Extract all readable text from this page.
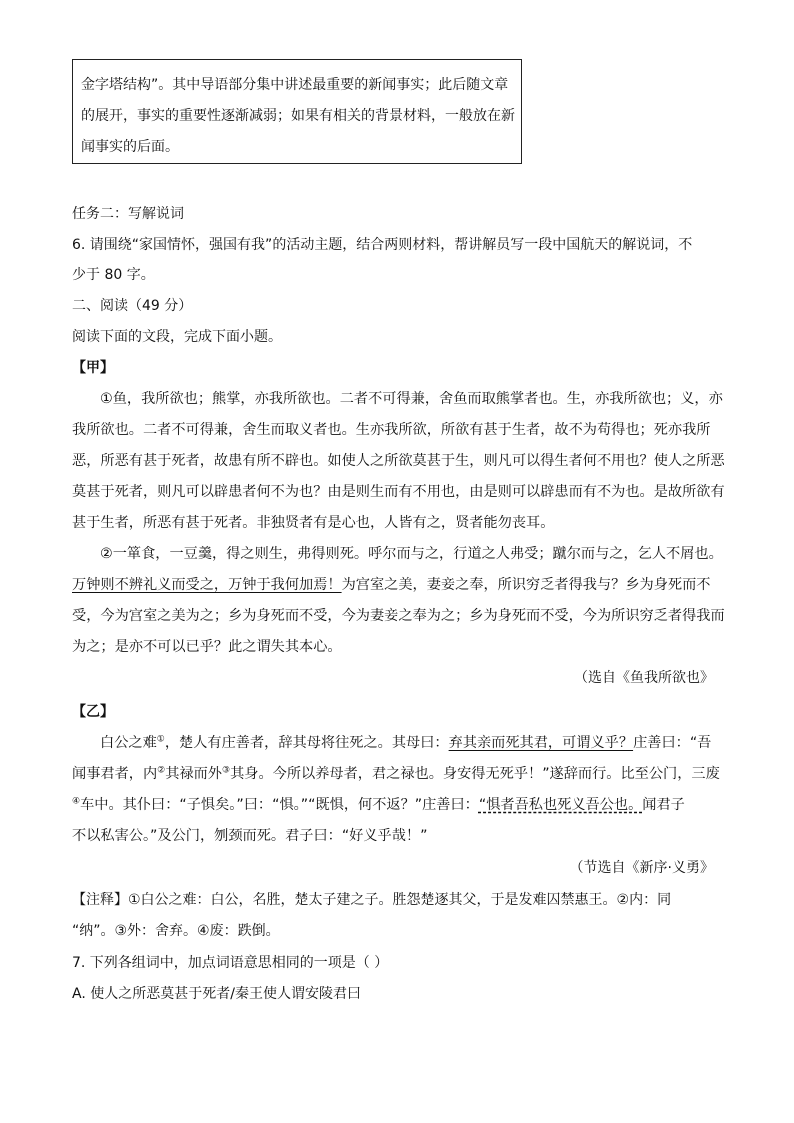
金字塔结构”。其中导语部分集中讲述最重要的新闻事实；此后随文章
的展开，事实的重要性逐渐减弱；如果有相关的背景材料，一般放在新
闻事实的后面。
任务二：写解说词
6. 请围绕“家国情怀，强国有我”的活动主题，结合两则材料，帮讲解员写一段中国航天的解说词，不
少于 80 字。
二、阅读（49 分）
阅读下面的文段，完成下面小题。
【甲】
①鱼，我所欲也；熊掌，亦我所欲也。二者不可得兼，舍鱼而取熊掌者也。生，亦我所欲也；义，亦
我所欲也。二者不可得兼，舍生而取义者也。生亦我所欲，所欲有甚于生者，故不为苟得也；死亦我所
恶，所恶有甚于死者，故患有所不辟也。如使人之所欲莫甚于生，则凡可以得生者何不用也？使人之所恶
莫甚于死者，则凡可以辟患者何不为也？由是则生而有不用也，由是则可以辟患而有不为也。是故所欲有
甚于生者，所恶有甚于死者。非独贤者有是心也，人皆有之，贤者能勿丧耳。
②一箪食，一豆羹，得之则生，弗得则死。呼尔而与之，行道之人弗受；蹴尔而与之，乞人不屑也。
万钟则不辨礼义而受之，万钟于我何加焉！为宫室之美，妻妾之奉，所识穷乏者得我与？乡为身死而不
受，今为宫室之美为之；乡为身死而不受，今为妻妾之奉为之；乡为身死而不受，今为所识穷乏者得我而
为之；是亦不可以已乎？此之谓失其本心。
（选自《鱼我所欲也》
【乙】
白公之难①，楚人有庄善者，辞其母将往死之。其母曰：弃其亲而死其君，可谓义乎？庄善曰：“吾
闻事君者，内②其禄而外③其身。今所以养母者，君之禄也。身安得无死乎！”遂辞而行。比至公门，三废
④车中。其仆曰：“子惧矣。”曰：“惧。”“既惧，何不返？”庄善曰：“惧者吾私也死义吾公也。闻君子
不以私害公。”及公门，刎颈而死。君子曰：“好义乎哉！”
（节选自《新序·义勇》
【注释】①白公之难：白公，名胜，楚太子建之子。胜怨楚逐其父，于是发难囚禁惠王。②内：同
“纳”。③外：舍弃。④废：跌倒。
7. 下列各组词中，加点词语意思相同的一项是（ ）
A. 使人之所恶莫甚于死者/秦王使人谓安陵君曰
